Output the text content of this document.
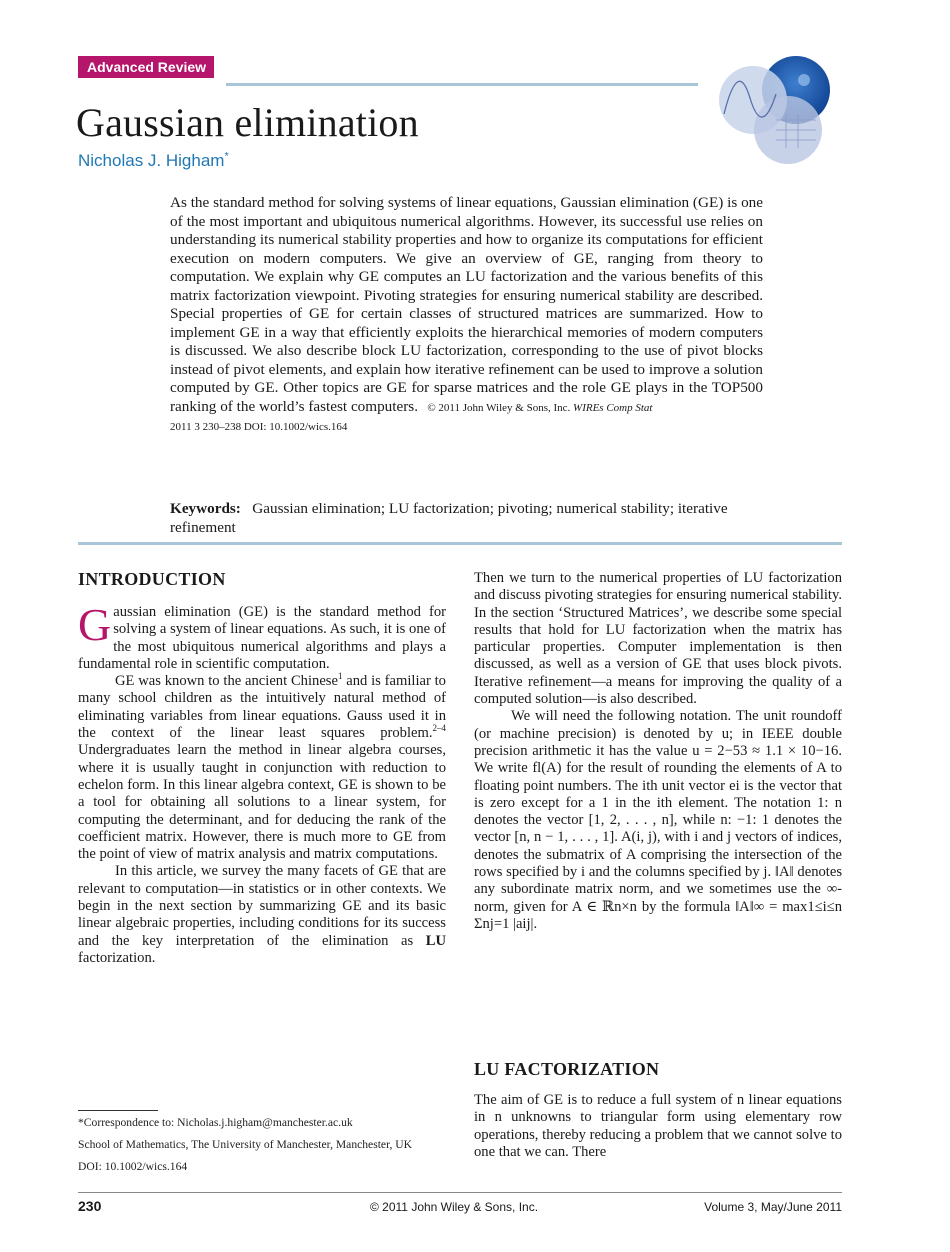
Advanced Review
Gaussian elimination
Nicholas J. Higham*
As the standard method for solving systems of linear equations, Gaussian elimination (GE) is one of the most important and ubiquitous numerical algorithms. However, its successful use relies on understanding its numerical stability properties and how to organize its computations for efficient execution on modern computers. We give an overview of GE, ranging from theory to computation. We explain why GE computes an LU factorization and the various benefits of this matrix factorization viewpoint. Pivoting strategies for ensuring numerical stability are described. Special properties of GE for certain classes of structured matrices are summarized. How to implement GE in a way that efficiently exploits the hierarchical memories of modern computers is discussed. We also describe block LU factorization, corresponding to the use of pivot blocks instead of pivot elements, and explain how iterative refinement can be used to improve a solution computed by GE. Other topics are GE for sparse matrices and the role GE plays in the TOP500 ranking of the world’s fastest computers. © 2011 John Wiley & Sons, Inc. WIREs Comp Stat
2011 3 230–238 DOI: 10.1002/wics.164
Keywords: Gaussian elimination; LU factorization; pivoting; numerical stability; iterative refinement
INTRODUCTION

Gaussian elimination (GE) is the standard method for solving a system of linear equations. As such, it is one of the most ubiquitous numerical algorithms and plays a fundamental role in scientific computation.

GE was known to the ancient Chinese$^1$ and is familiar to many school children as the intuitively natural method of eliminating variables from linear equations. Gauss used it in the context of the linear least squares problem.$^{2-4}$ Undergraduates learn the method in linear algebra courses, where it is usually taught in conjunction with reduction to echelon form. In this linear algebra context, GE is shown to be a tool for obtaining all solutions to a linear system, for computing the determinant, and for deducing the rank of the coefficient matrix. However, there is much more to GE from the point of view of matrix analysis and matrix computations.

In this article, we survey the many facets of GE that are relevant to computation—in statistics or in other contexts. We begin in the next section by summarizing GE and its basic linear algebraic properties, including conditions for its success and the key interpretation of the elimination as LU factorization.

Then we turn to the numerical properties of LU factorization and discuss pivoting strategies for ensuring numerical stability. In the section ‘Structured Matrices’, we describe some special results that hold for LU factorization when the matrix has particular properties. Computer implementation is then discussed, as well as a version of GE that uses block pivots. Iterative refinement—a means for improving the quality of a computed solution—is also described.

We will need the following notation. The unit roundoff (or machine precision) is denoted by u; in IEEE double precision arithmetic it has the value u = 2−53 ≈ 1.1 × 10−16. We write fl(A) for the result of rounding the elements of A to floating point numbers. The ith unit vector ei is the vector that is zero except for a 1 in the ith element. The notation 1: n denotes the vector [1, 2, . . . , n], while n: −1: 1 denotes the vector [n, n − 1, . . . , 1]. A(i, j), with i and j vectors of indices, denotes the submatrix of A comprising the intersection of the rows specified by i and the columns specified by j. ‖A‖ denotes any subordinate matrix norm, and we sometimes use the ∞-norm, given for A ∈ ℝn×n by the formula ‖A‖∞ = max1≤i≤n Σnj=1 |aij|.

LU FACTORIZATION
The aim of GE is to reduce a full system of n linear equations in n unknowns to triangular form using elementary row operations, thereby reducing a problem that we cannot solve to one that we can. There
*Correspondence to: Nicholas.j.higham@manchester.ac.uk
School of Mathematics, The University of Manchester, Manchester, UK
DOI: 10.1002/wics.164
230	© 2011 John Wiley & Sons, Inc.	Volume 3, May/June 2011
